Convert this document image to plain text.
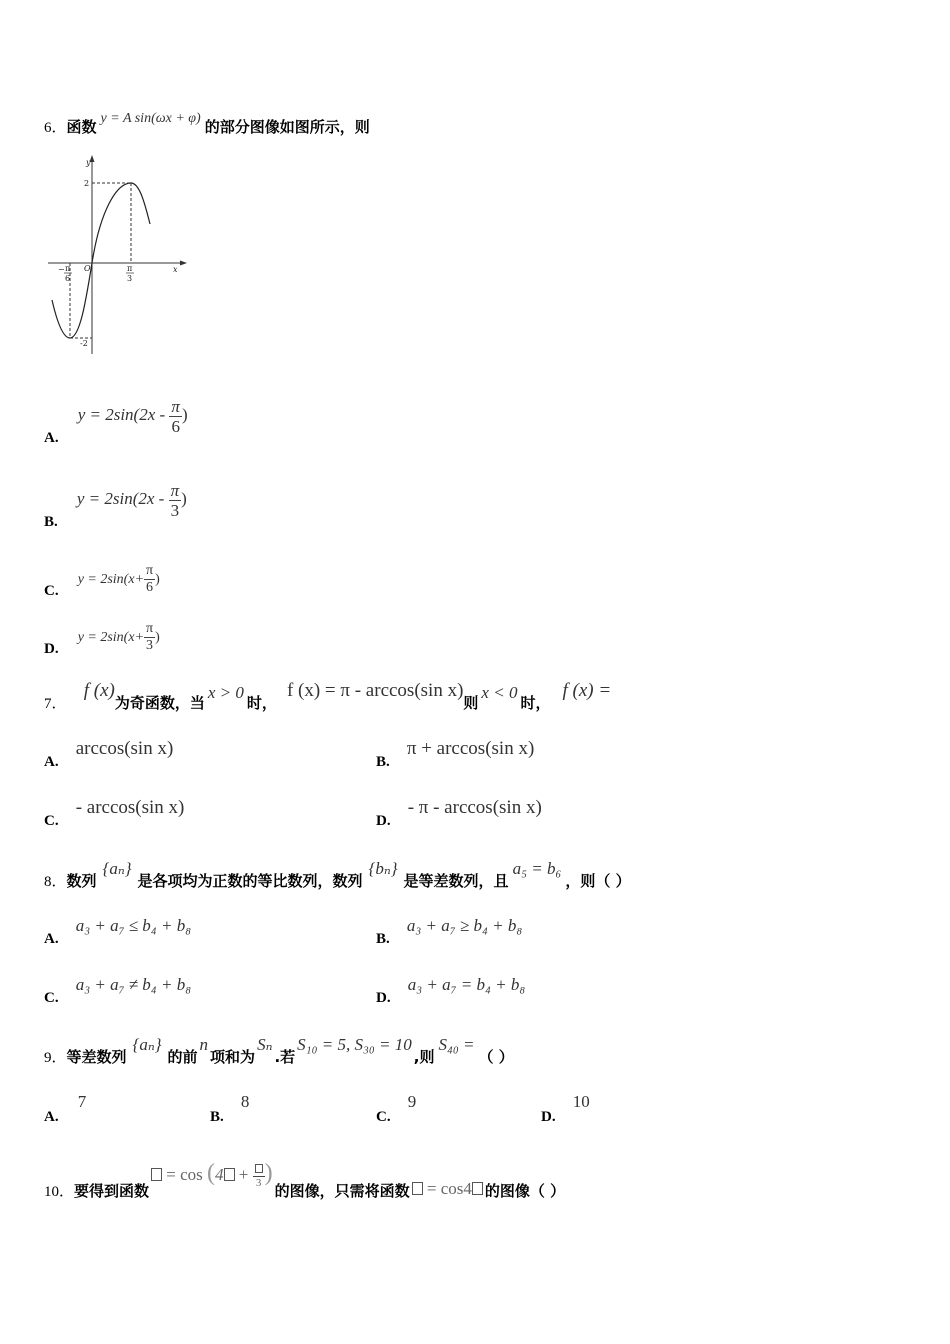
6．函数 y = A sin(ωx + φ) 的部分图像如图所示，则
y
x
O
2
-2
− π
6
π
3
A. $y = 2\sin(2x - \frac{\pi}{6}$ )
B. $y = 2\sin(2x - \frac{\pi}{3}$ )
C. $y = 2\sin(x+ \frac{\pi}{6}$ )
D. $y = 2\sin(x+ \frac{\pi}{3}$ )
7． f (x)为奇函数，当x > 0时，f (x) = π - arccos(sin x)则x < 0时，f (x) =
A. arccos(sin x)
B. π + arccos(sin x)
C. - arccos(sin x)
D. - π - arccos(sin x)
8．数列{aₙ}是各项均为正数的等比数列，数列{bₙ}是等差数列，且a₅ = b₆，则（ ）
A. a₃ + a₇ ≤ b₄ + b₈
B. a₃ + a₇ ≥ b₄ + b₈
C. a₃ + a₇ ≠ b₄ + b₈
D. a₃ + a₇ = b₄ + b₈
9．等差数列{aₙ}的前n项和为Sₙ.若S₁₀ = 5, S₃₀ = 10,则S₄₀ =（ ）
A. 7
B. 8
C. 9
D. 10
10．要得到函数 = cos (4 + 3 )的图像，只需将函数 = cos4 的图像（ ）
